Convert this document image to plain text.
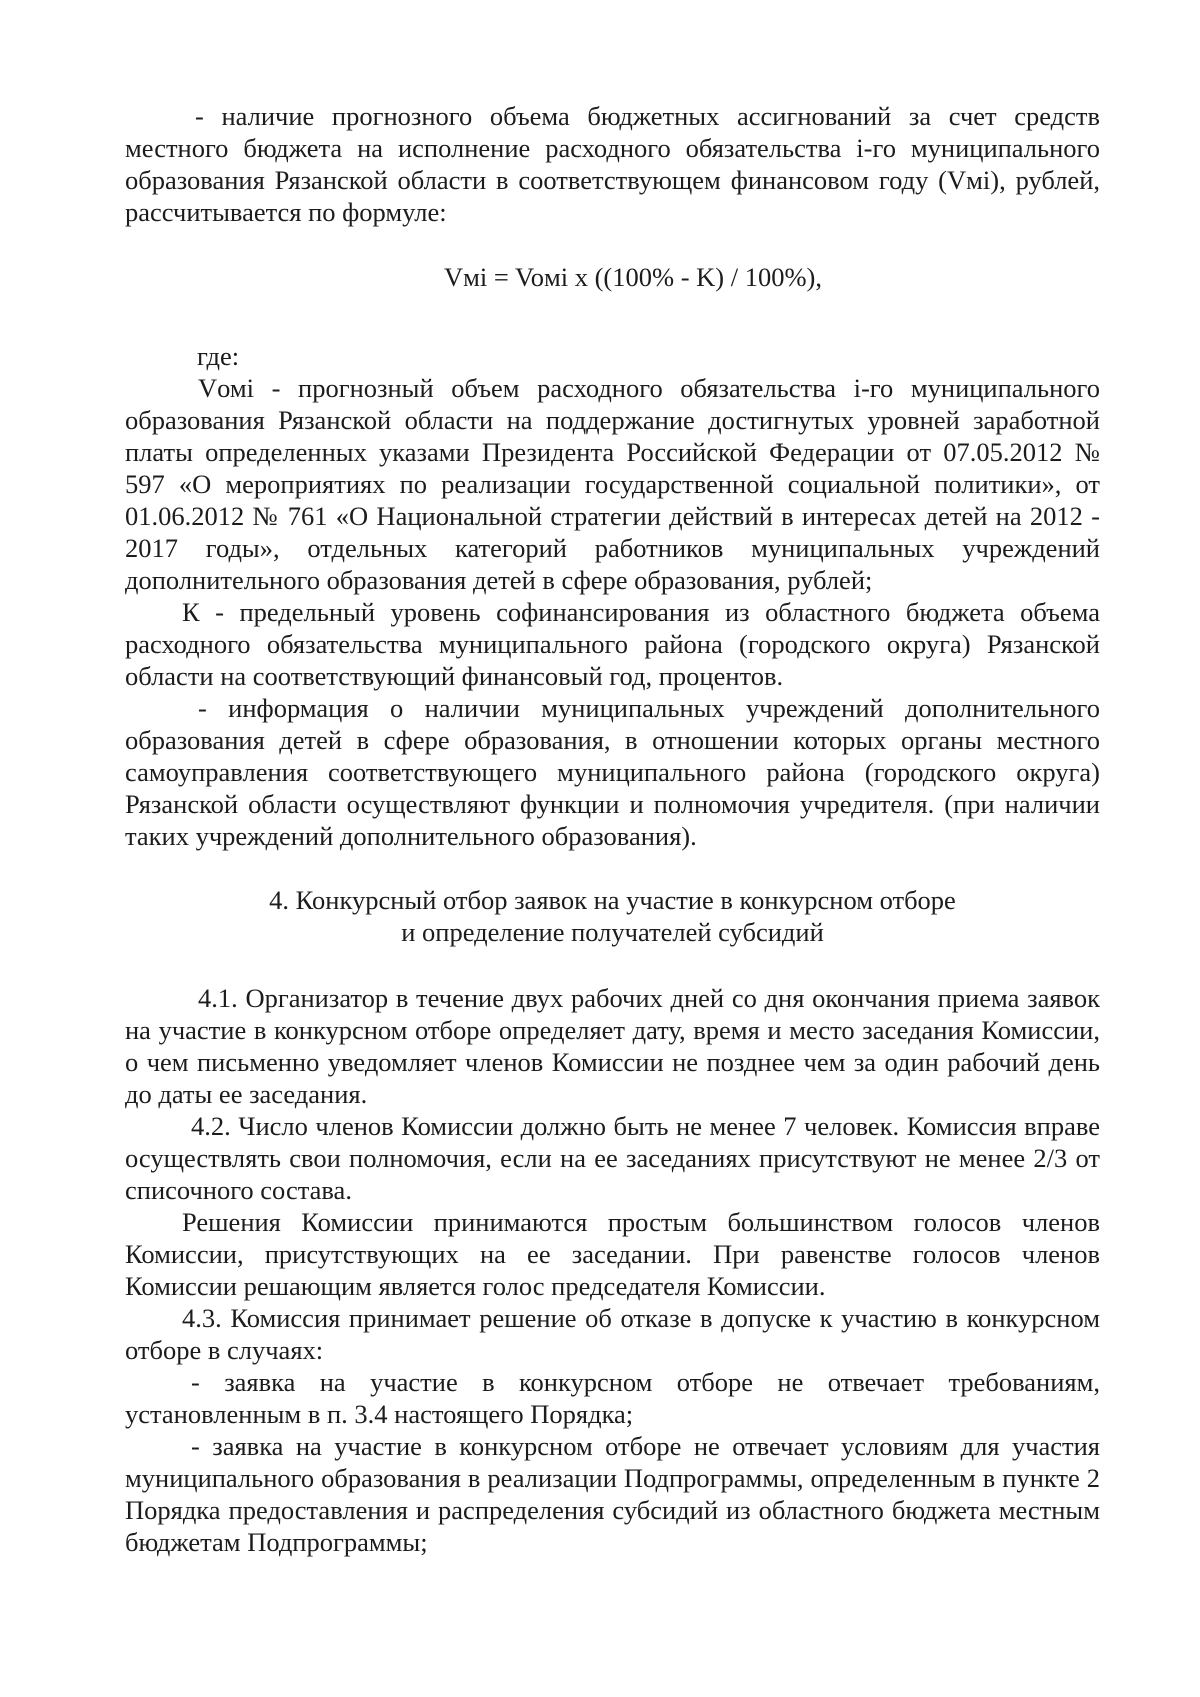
- наличие прогнозного объема бюджетных ассигнований за счет средств местного бюджета на исполнение расходного обязательства i-го муниципального образования Рязанской области в соответствующем финансовом году (Vмi), рублей, рассчитывается по формуле:

Vмi = Voмi x ((100% - K) / 100%),

где:

Vомi - прогнозный объем расходного обязательства i-го муниципального образования Рязанской области на поддержание достигнутых уровней заработной платы определенных указами Президента Российской Федерации от 07.05.2012 № 597 «О мероприятиях по реализации государственной социальной политики», от 01.06.2012 № 761 «О Национальной стратегии действий в интересах детей на 2012 - 2017 годы», отдельных категорий работников муниципальных учреждений дополнительного образования детей в сфере образования, рублей;

К - предельный уровень софинансирования из областного бюджета объема расходного обязательства муниципального района (городского округа) Рязанской области на соответствующий финансовый год, процентов.

- информация о наличии муниципальных учреждений дополнительного образования детей в сфере образования, в отношении которых органы местного самоуправления соответствующего муниципального района (городского округа) Рязанской области осуществляют функции и полномочия учредителя. (при наличии таких учреждений дополнительного образования).

4. Конкурсный отбор заявок на участие в конкурсном отборе

и определение получателей субсидий

4.1. Организатор в течение двух рабочих дней со дня окончания приема заявок на участие в конкурсном отборе определяет дату, время и место заседания Комиссии, о чем письменно уведомляет членов Комиссии не позднее чем за один рабочий день до даты ее заседания.

4.2. Число членов Комиссии должно быть не менее 7 человек. Комиссия вправе осуществлять свои полномочия, если на ее заседаниях присутствуют не менее 2/3 от списочного состава.

Решения Комиссии принимаются простым большинством голосов членов Комиссии, присутствующих на ее заседании. При равенстве голосов членов Комиссии решающим является голос председателя Комиссии.

4.3. Комиссия принимает решение об отказе в допуске к участию в конкурсном отборе в случаях:

- заявка на участие в конкурсном отборе не отвечает требованиям, установленным в п. 3.4 настоящего Порядка;

- заявка на участие в конкурсном отборе не отвечает условиям для участия муниципального образования в реализации Подпрограммы, определенным в пункте 2 Порядка предоставления и распределения субсидий из областного бюджета местным бюджетам Подпрограммы;
